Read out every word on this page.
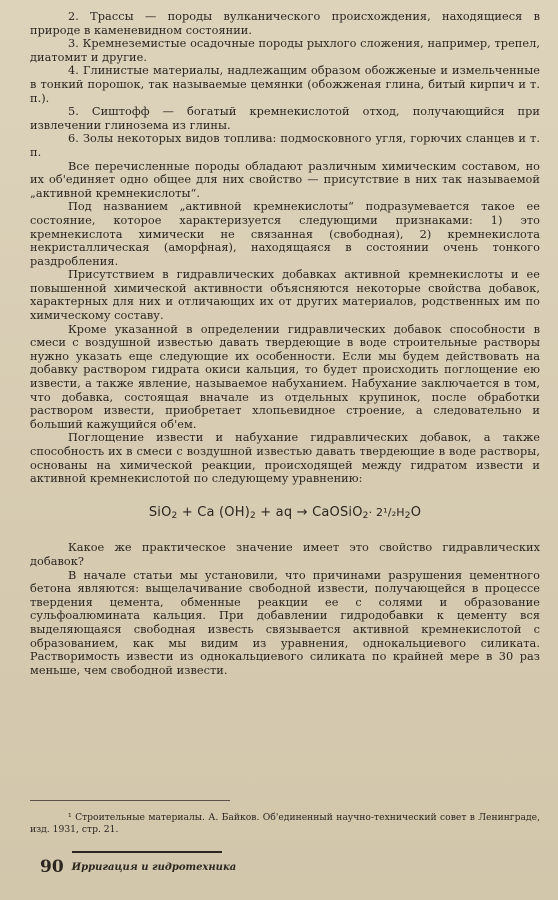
2. Трассы — породы вулканического происхождения, находящиеся в природе в каменевидном состоянии.

3. Кремнеземистые осадочные породы рыхлого сложения, например, трепел, диатомит и другие.

4. Глинистые материалы, надлежащим образом обожженые и измельченные в тонкий порошок, так называемые цемянки (обожженая глина, битый кирпич и т. п.).

5. Сиштофф — богатый кремнекислотой отход, получающийся при извлечении глинозема из глины.

6. Золы некоторых видов топлива: подмосковного угля, горючих сланцев и т. п.

Все перечисленные породы обладают различным химическим составом, но их об'единяет одно общее для них свойство — присутствие в них так называемой „активной кремнекислоты“.

Под названием „активной кремнекислоты“ подразумевается такое ее состояние, которое характеризуется следующими признаками: 1) это кремнекислота химически не связанная (свободная), 2) кремнекислота некристаллическая (аморфная), находящаяся в состоянии очень тонкого раздробления.

Присутствием в гидравлических добавках активной кремнекислоты и ее повышенной химической активности объясняются некоторые свойства добавок, характерных для них и отличающих их от других материалов, родственных им по химическому составу.

Кроме указанной в определении гидравлических добавок способности в смеси с воздушной известью давать твердеющие в воде строительные растворы нужно указать еще следующие их особенности. Если мы будем действовать на добавку раствором гидрата окиси кальция, то будет происходить поглощение ею извести, а также явление, называемое набуханием. Набухание заключается в том, что добавка, состоящая вначале из отдельных крупинок, после обработки раствором извести, приобретает хлопьевидное строение, а следовательно и больший кажущийся об'ем.

Поглощение извести и набухание гидравлических добавок, а также способность их в смеси с воздушной известью давать твердеющие в воде растворы, основаны на химической реакции, происходящей между гидратом извести и активной кремнекислотой по следующему уравнению:

SiO$_2$ + Ca $(OH)_2$ + aq → CaOSiO$_2$· $2^1/_2H_2O$

Какое же практическое значение имеет это свойство гидравлических добавок?

В начале статьи мы установили, что причинами разрушения цементного бетона являются: выщелачивание свободной извести, получающейся в процессе твердения цемента, обменные реакции ее с солями и образование сульфоалюмината кальция. При добавлении гидродобавки к цементу вся выделяющаяся свободная известь связывается активной кремнекислотой с образованием, как мы видим из уравнения, однокальциевого силиката. Растворимость извести из однокальциевого силиката по крайней мере в 30 раз меньше, чем свободной извести.

¹ Строительные материалы. А. Байков. Об'единенный научно-технический совет в Ленинграде, изд. 1931, стр. 21.
90 Ирригация и гидротехника
